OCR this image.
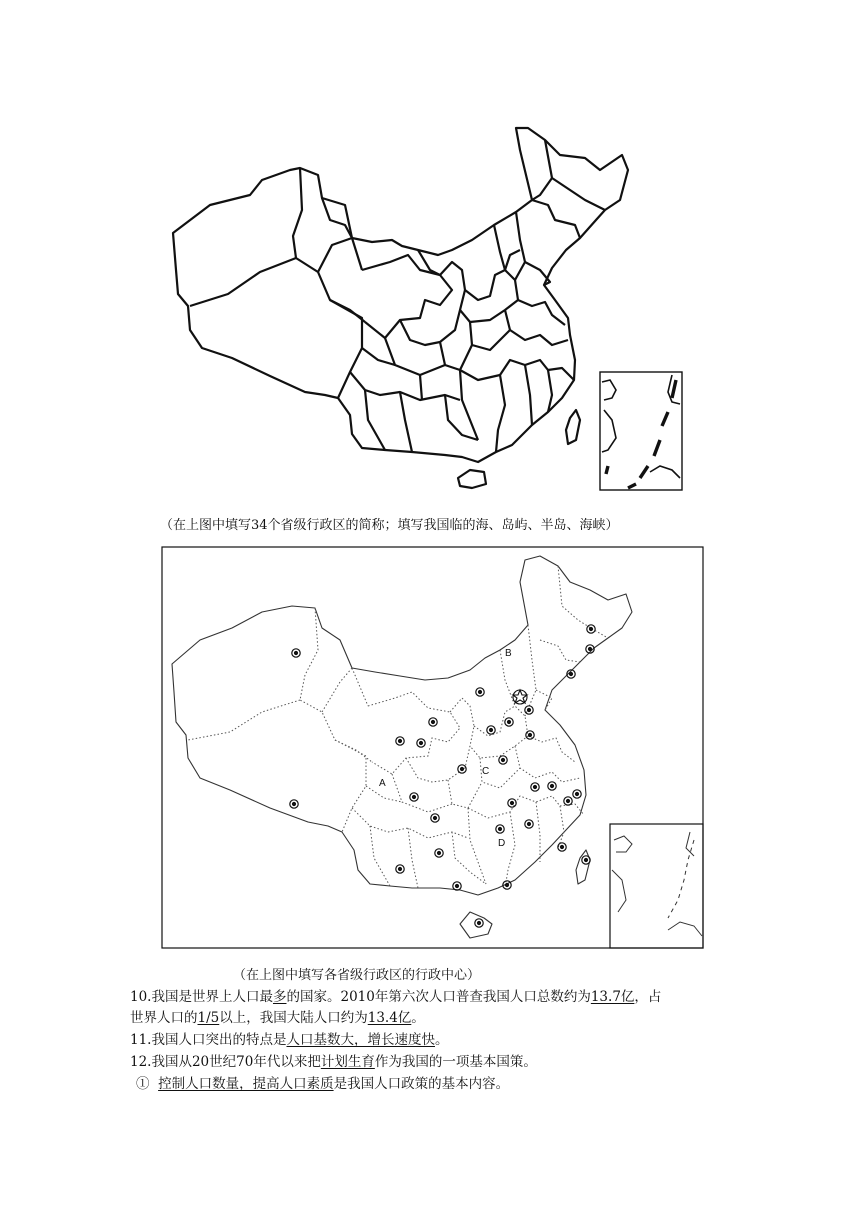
（在上图中填写34个省级行政区的简称；填写我国临的海、岛屿、半岛、海峡）
A
B
C
D
（在上图中填写各省级行政区的行政中心）
10.我国是世界上人口最多的国家。2010年第六次人口普查我国人口总数约为13.7亿，占
世界人口的1/5以上，我国大陆人口约为13.4亿。
11.我国人口突出的特点是人口基数大，增长速度快。
12.我国从20世纪70年代以来把计划生育作为我国的一项基本国策。
① 控制人口数量，提高人口素质是我国人口政策的基本内容。
